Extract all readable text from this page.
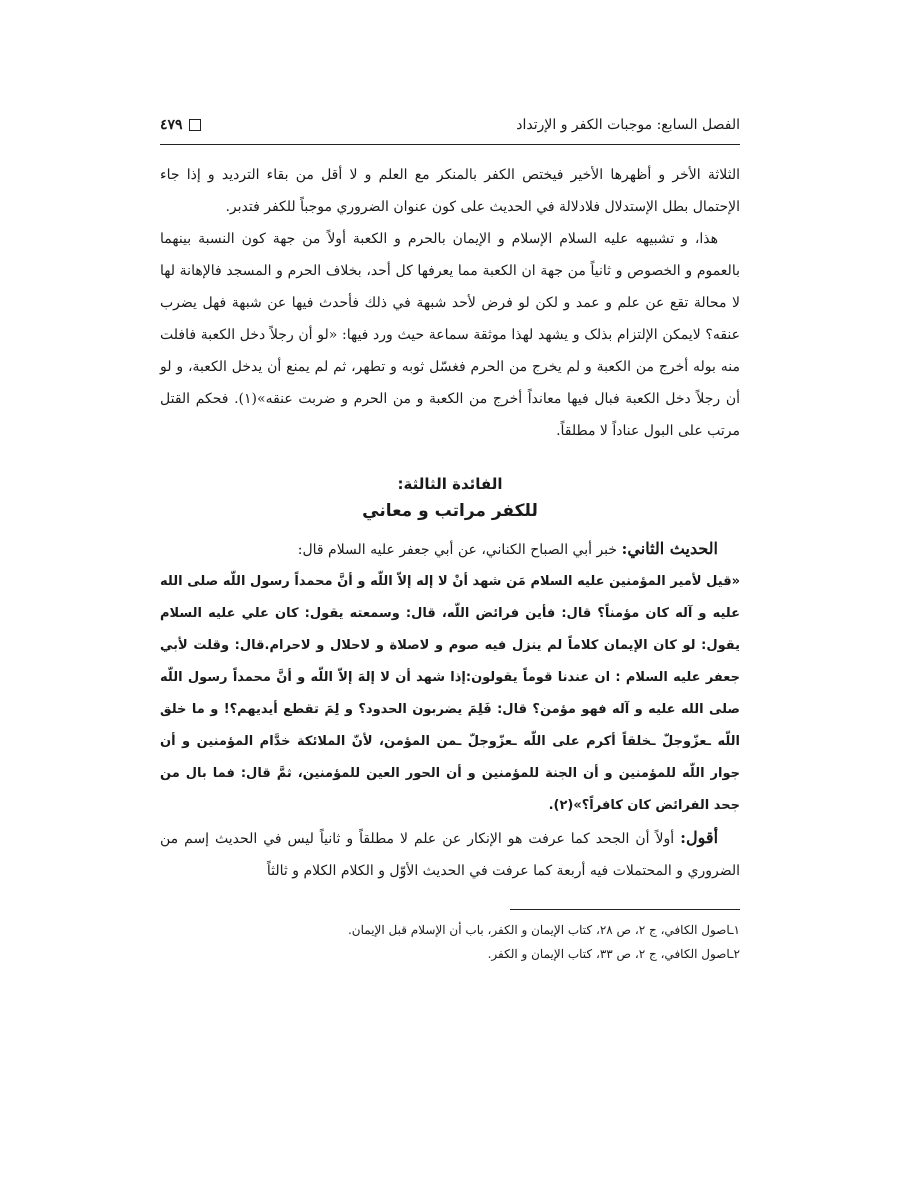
الفصل السابع: موجبات الكفر و الإرتداد
٤٧٩

الثلاثة الأخر و أظهرها الأخير فيختص الكفر بالمنكر مع العلم و لا أقل من بقاء الترديد و إذا جاء الإحتمال بطل الإستدلال فلادلالة في الحديث على كون عنوان الضروري موجباً للكفر فتدبر.

هذا، و تشبيهه عليه السلام الإسلام و الإيمان بالحرم و الكعبة أولاً من جهة كون النسبة بينهما بالعموم و الخصوص و ثانياً من جهة ان الكعبة مما يعرفها كل أحد، بخلاف الحرم و المسجد فالإهانة لها لا محالة تقع عن علم و عمد و لكن لو فرض لأحد شبهة في ذلك فأحدث فيها عن شبهة فهل يضرب عنقه؟ لايمكن الإلتزام بذلک و يشهد لهذا موثقة سماعة حيث ورد فيها: «لو أن رجلاً دخل الكعبة فافلت منه بوله أخرج من الكعبة و لم يخرج من الحرم فغسّل ثوبه و تطهر، ثم لم يمنع أن يدخل الكعبة، و لو أن رجلاً دخل الكعبة فبال فيها معانداً أخرج من الكعبة و من الحرم و ضربت عنقه»(١). فحكم القتل مرتب على البول عناداً لا مطلقاً.

الفائدة الثالثة:
للكفر مراتب و معاني

الحديث الثاني: خبر أبي الصباح الكناني، عن أبي جعفر عليه السلام قال:

«قيل لأمير المؤمنين عليه السلام مَن شهد أنْ لا إله إلاّ اللّه و أنَّ محمداً رسول اللّه صلى الله عليه و آله كان مؤمناً؟ قال: فأين فرائض اللّه، قال: وسمعته يقول: كان علي عليه السلام يقول: لو كان الإيمان كلاماً لم ينزل فيه صوم و لاصلاة و لاحلال و لاحرام.قال: وقلت لأبي جعفر عليه السلام : ان عندنا قوماً يقولون:إذا شهد أن لا إلهَ إلاّ اللّه و أنَّ محمداً رسول اللّه صلى الله عليه و آله فهو مؤمن؟ قال: فَلِمَ يضربون الحدود؟ و لِمَ تقطع أيديهم؟! و ما خلق اللّه ـعزّوجلّ ـخلقاً أكرم على اللّه ـعزّوجلّ ـمن المؤمن، لأنّ الملائكة خدَّام المؤمنين و أن جوار اللّه للمؤمنين و أن الجنة للمؤمنين و أن الحور العين للمؤمنين، ثمَّ قال: فما بال من جحد الفرائض كان كافراً؟»(٢).

أقول: أولاً أن الجحد كما عرفت هو الإنكار عن علم لا مطلقاً و ثانياً ليس في الحديث إسم من الضروري و المحتملات فيه أربعة كما عرفت في الحديث الأوّل و الكلام الكلام و ثالثاً

١ـاصول الكافي، ج ٢، ص ٢٨، كتاب الإيمان و الكفر، باب أن الإسلام قبل الإيمان.
٢ـاصول الكافي، ج ٢، ص ٣٣، كتاب الإيمان و الكفر.
